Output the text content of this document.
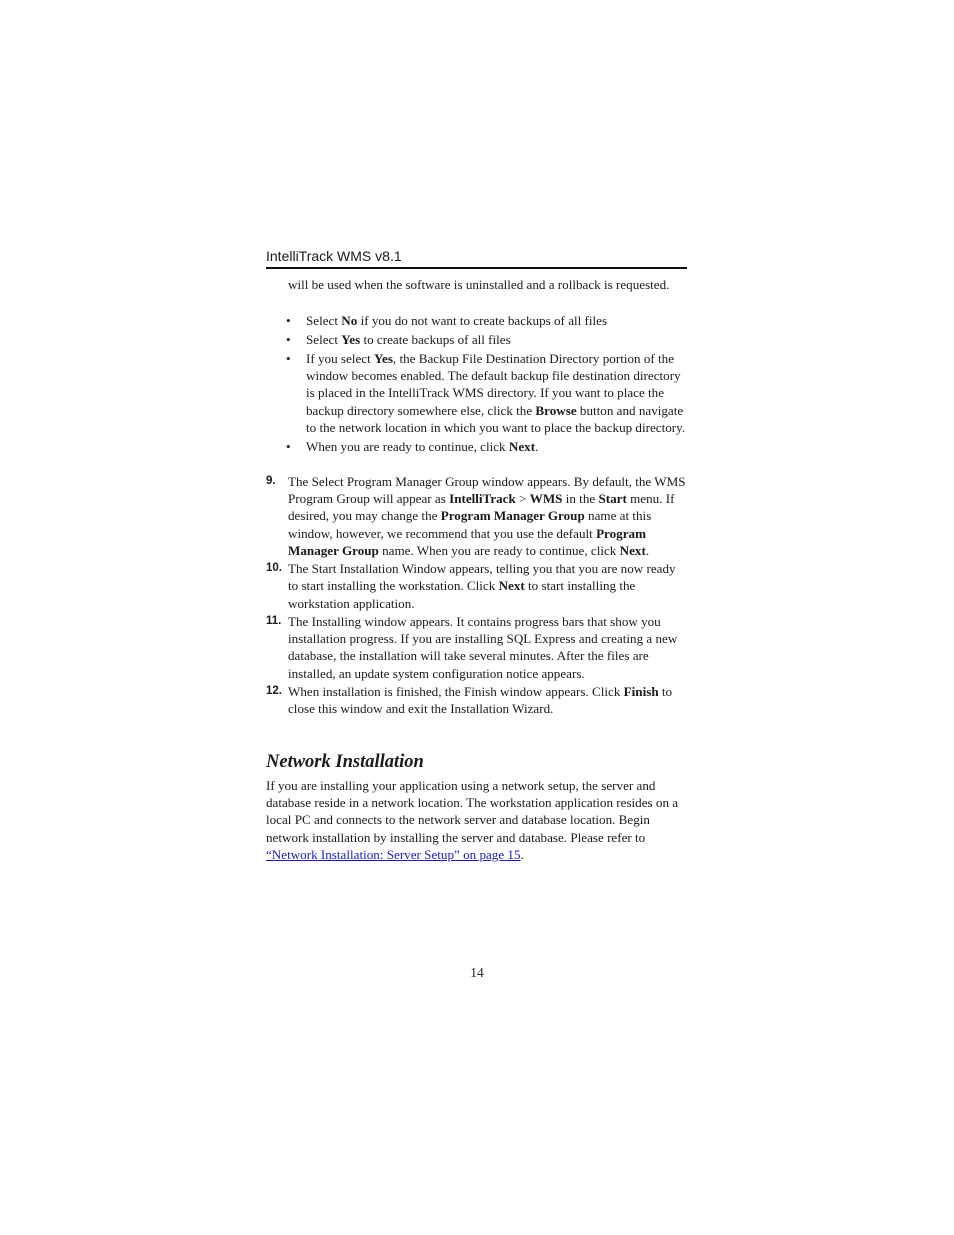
IntelliTrack WMS v8.1
will be used when the software is uninstalled and a rollback is requested.
• Select No if you do not want to create backups of all files
• Select Yes to create backups of all files
• If you select Yes, the Backup File Destination Directory portion of the window becomes enabled. The default backup file destination directory is placed in the IntelliTrack WMS directory. If you want to place the backup directory somewhere else, click the Browse button and navigate to the network location in which you want to place the backup directory.
• When you are ready to continue, click Next.
9. The Select Program Manager Group window appears. By default, the WMS Program Group will appear as IntelliTrack > WMS in the Start menu. If desired, you may change the Program Manager Group name at this window, however, we recommend that you use the default Program Manager Group name. When you are ready to continue, click Next.
10. The Start Installation Window appears, telling you that you are now ready to start installing the workstation. Click Next to start installing the workstation application.
11. The Installing window appears. It contains progress bars that show you installation progress. If you are installing SQL Express and creating a new database, the installation will take several minutes. After the files are installed, an update system configuration notice appears.
12. When installation is finished, the Finish window appears. Click Finish to close this window and exit the Installation Wizard.
Network Installation
If you are installing your application using a network setup, the server and database reside in a network location. The workstation application resides on a local PC and connects to the network server and database location. Begin network installation by installing the server and database. Please refer to “Network Installation: Server Setup” on page 15.
14
